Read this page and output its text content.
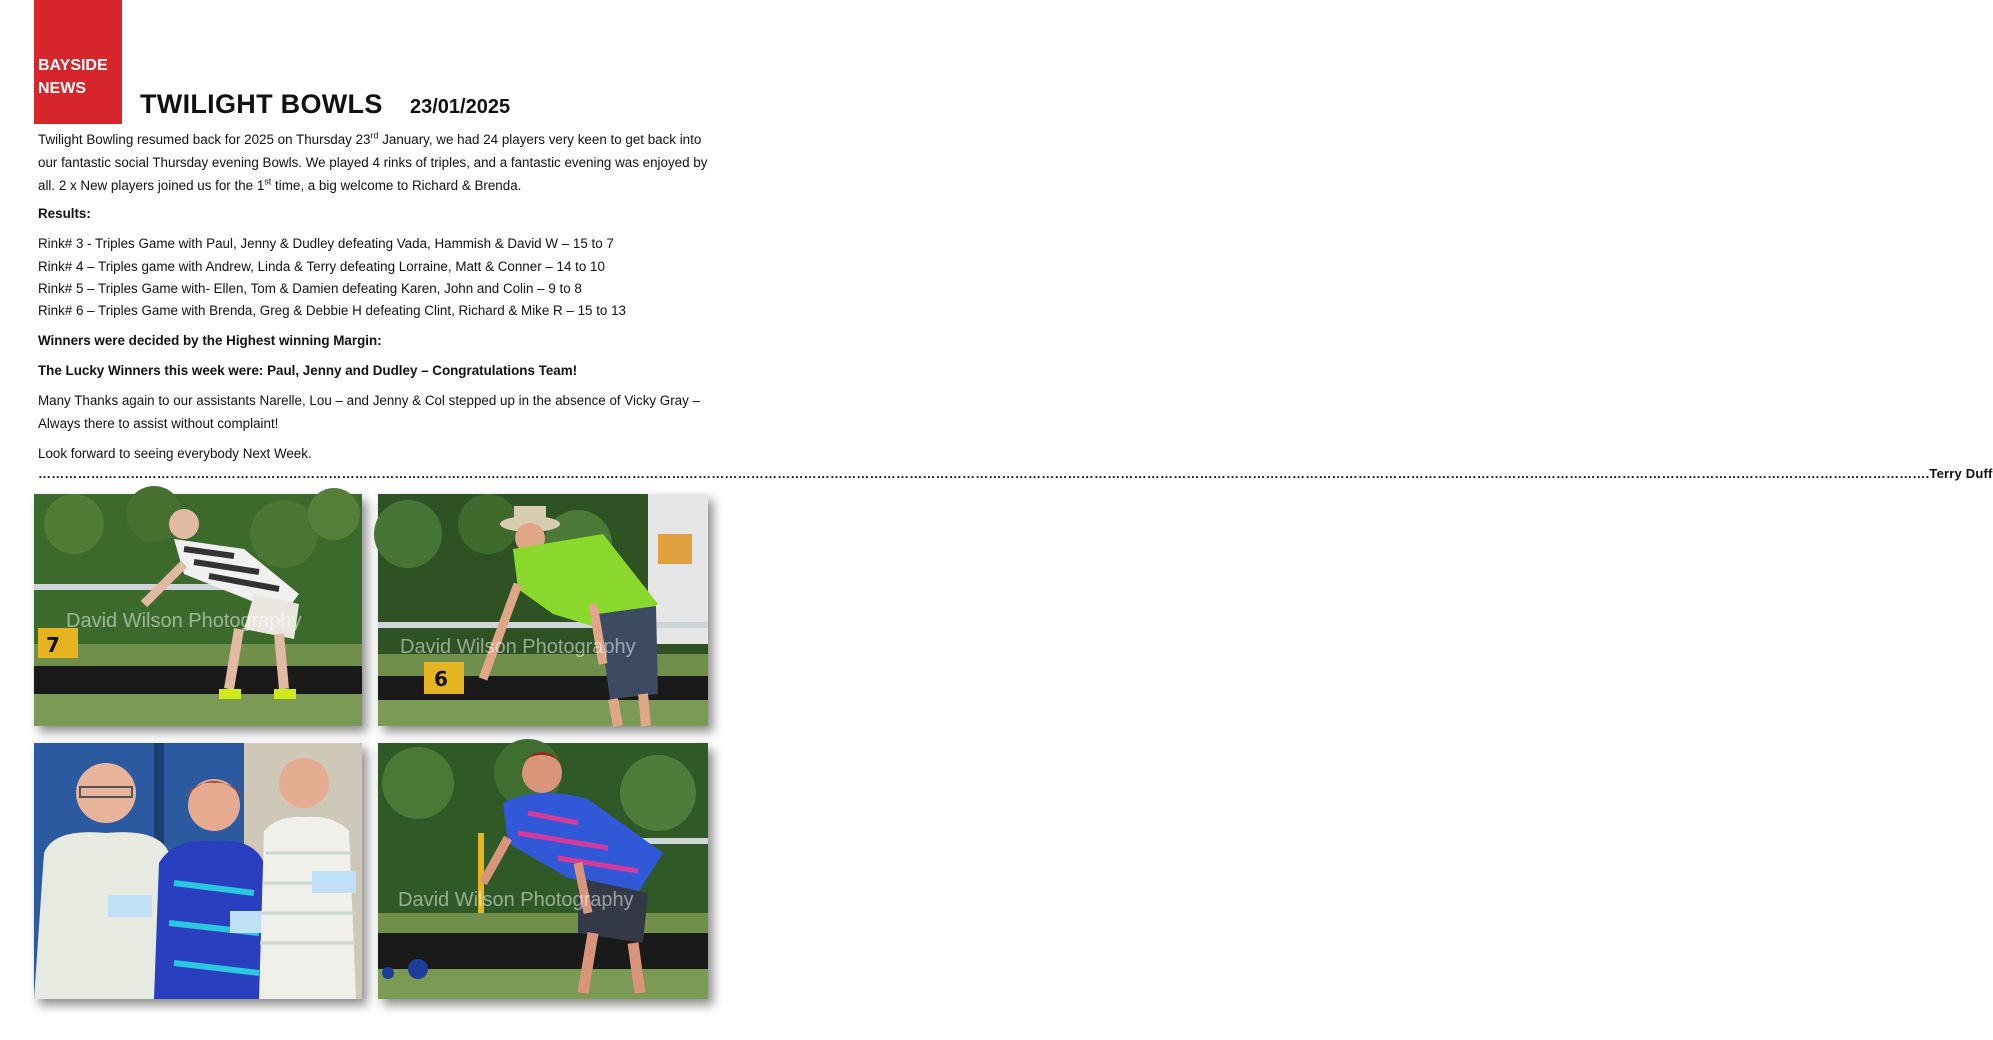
BAYSIDE
NEWS
TWILIGHT BOWLS 23/01/2025

Twilight Bowling resumed back for 2025 on Thursday 23rd January, we had 24 players very keen to get back into our fantastic social Thursday evening Bowls. We played 4 rinks of triples, and a fantastic evening was enjoyed by all. 2 x New players joined us for the 1st time, a big welcome to Richard & Brenda.

Results:

Rink# 3 - Triples Game with Paul, Jenny & Dudley defeating Vada, Hammish & David W – 15 to 7

Rink# 4 – Triples game with Andrew, Linda & Terry defeating Lorraine, Matt & Conner – 14 to 10

Rink# 5 – Triples Game with- Ellen, Tom & Damien defeating Karen, John and Colin – 9 to 8

Rink# 6 – Triples Game with Brenda, Greg & Debbie H defeating Clint, Richard & Mike R – 15 to 13

Winners were decided by the Highest winning Margin:

The Lucky Winners this week were: Paul, Jenny and Dudley – Congratulations Team!

Many Thanks again to our assistants Narelle, Lou – and Jenny & Col stepped up in the absence of Vicky Gray – Always there to assist without complaint!

Look forward to seeing everybody Next Week.

…………………………………………………………………………………………………………………………………………………………………………………………………………………………………………………………………………………………………………………………………………………………………………………………….Terry Duff
7
David Wilson Photography
6
David Wilson Photography
David Wilson Photography
